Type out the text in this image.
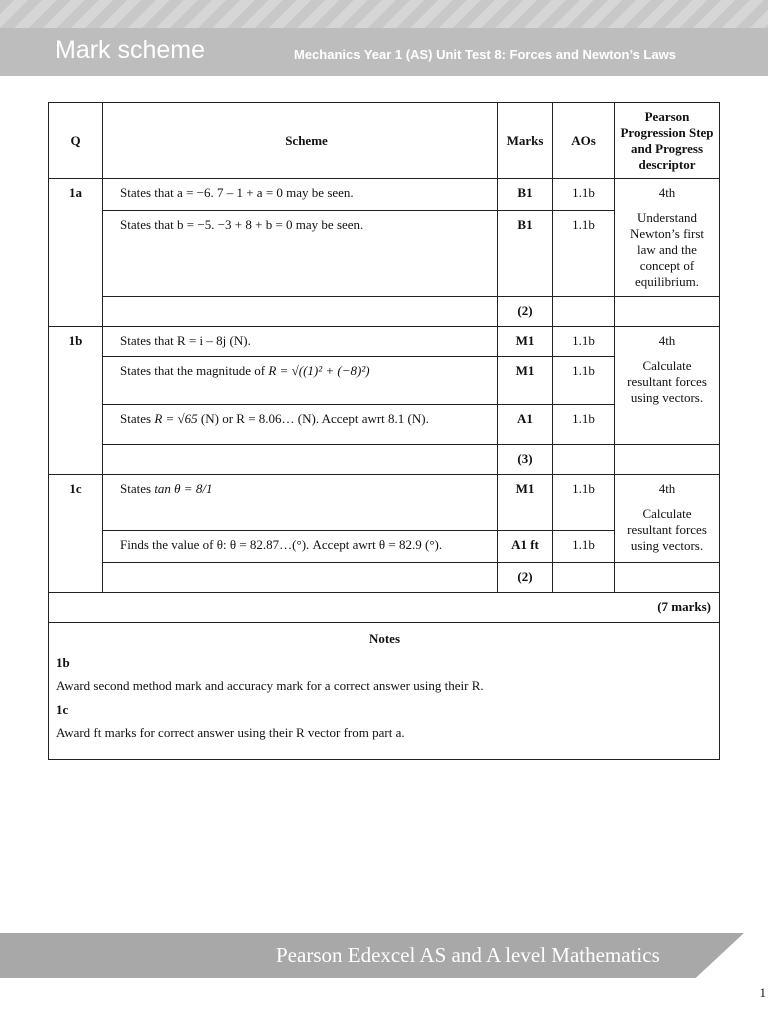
Mark scheme	Mechanics Year 1 (AS) Unit Test 8: Forces and Newton’s Laws
Q	Scheme	Marks	AOs	Pearson Progression Step and Progress descriptor
1a	States that a = −6. 7 – 1 + a = 0 may be seen.	B1	1.1b	4th
Understand Newton’s first law and the concept of equilibrium.

	States that b = −5. −3 + 8 + b = 0 may be seen.	B1	1.1b	
		(2)		
1b	States that R = i – 8j (N).	M1	1.1b	4th
Calculate resultant forces using vectors.

	States that the magnitude of R = √((1)² + (−8)²)	M1	1.1b	
	States R = √65 (N) or R = 8.06… (N). Accept awrt 8.1 (N).	A1	1.1b	
		(3)		
1c	States tan θ = 8/1	M1	1.1b	4th
Calculate resultant forces using vectors.

	Finds the value of θ: θ = 82.87…(°). Accept awrt θ = 82.9 (°).	A1 ft	1.1b	
		(2)		
(7 marks)				

Notes
1b
Award second method mark and accuracy mark for a correct answer using their R.
1c
Award ft marks for correct answer using their R vector from part a.				
Pearson Edexcel AS and A level Mathematics
1
